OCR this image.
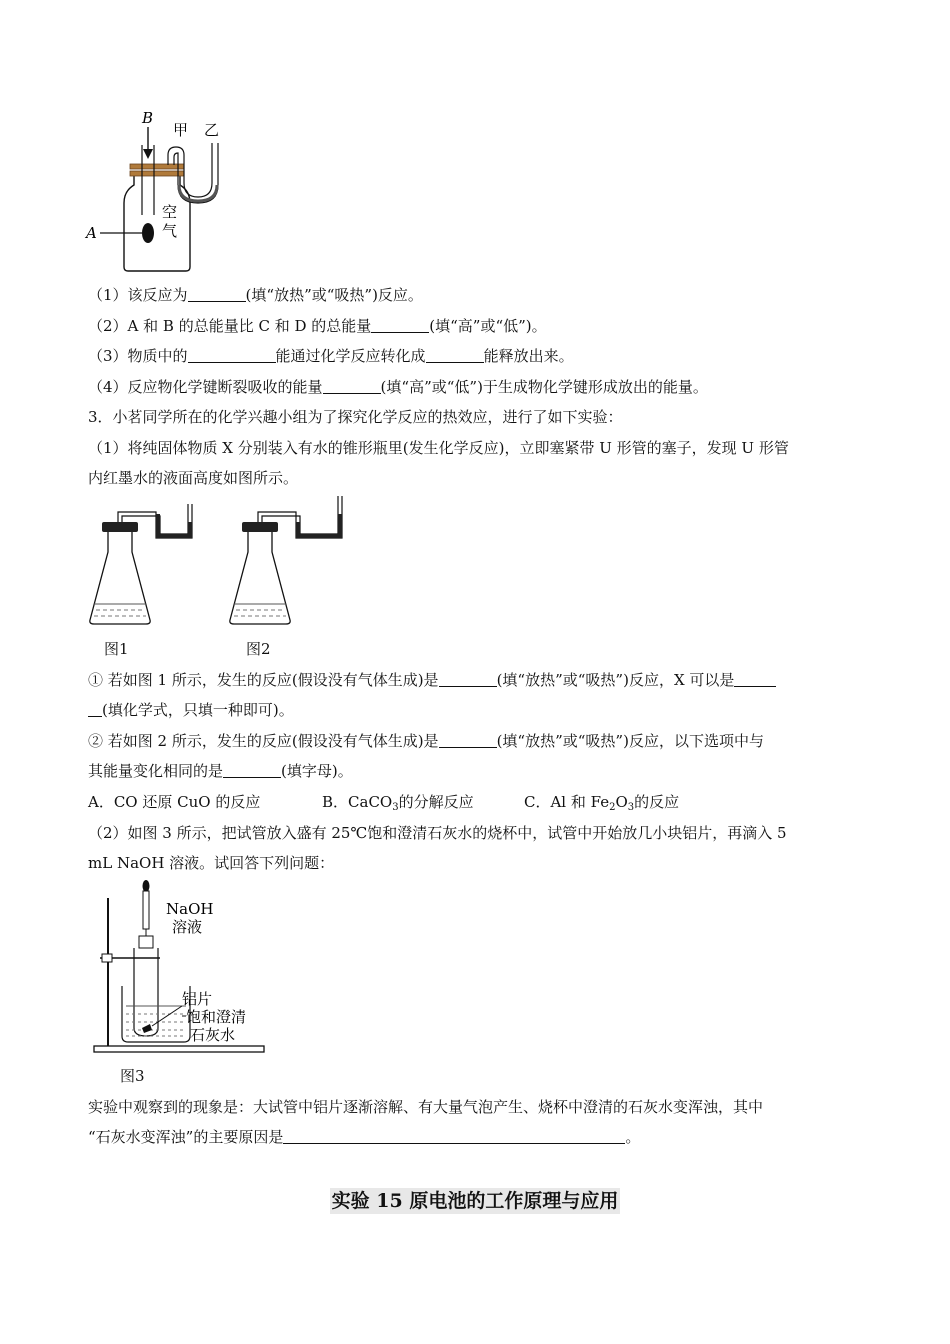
B
甲 乙
A
空
气
（1）该反应为	(填“放热”或“吸热”)反应。
（2）A 和 B 的总能量比 C 和 D 的总能量	(填“高”或“低”)。
（3）物质中的	能通过化学反应转化成	能释放出来。
（4）反应物化学键断裂吸收的能量	(填“高”或“低”)于生成物化学键形成放出的能量。
3．小茗同学所在的化学兴趣小组为了探究化学反应的热效应，进行了如下实验：
（1）将纯固体物质 X 分别装入有水的锥形瓶里(发生化学反应)，立即塞紧带 U 形管的塞子，发现 U 形管
内红墨水的液面高度如图所示。
图1	图2
① 若如图 1 所示，发生的反应(假设没有气体生成)是	(填“放热”或“吸热”)反应，X 可以是
(填化学式，只填一种即可)。
② 若如图 2 所示，发生的反应(假设没有气体生成)是	(填“放热”或“吸热”)反应，以下选项中与
其能量变化相同的是	(填字母)。
A．CO 还原 CuO 的反应	B．CaCO$_3$的分解反应	C．Al 和 $Fe_2O_3$的反应
（2）如图 3 所示，把试管放入盛有 25℃饱和澄清石灰水的烧杯中，试管中开始放几小块铝片，再滴入 5
mL NaOH 溶液。试回答下列问题：
NaOH
溶液
铝片
饱和澄清
石灰水
图3
实验中观察到的现象是：大试管中铝片逐渐溶解、有大量气泡产生、烧杯中澄清的石灰水变浑浊，其中
“石灰水变浑浊”的主要原因是	。
实验 15 原电池的工作原理与应用
